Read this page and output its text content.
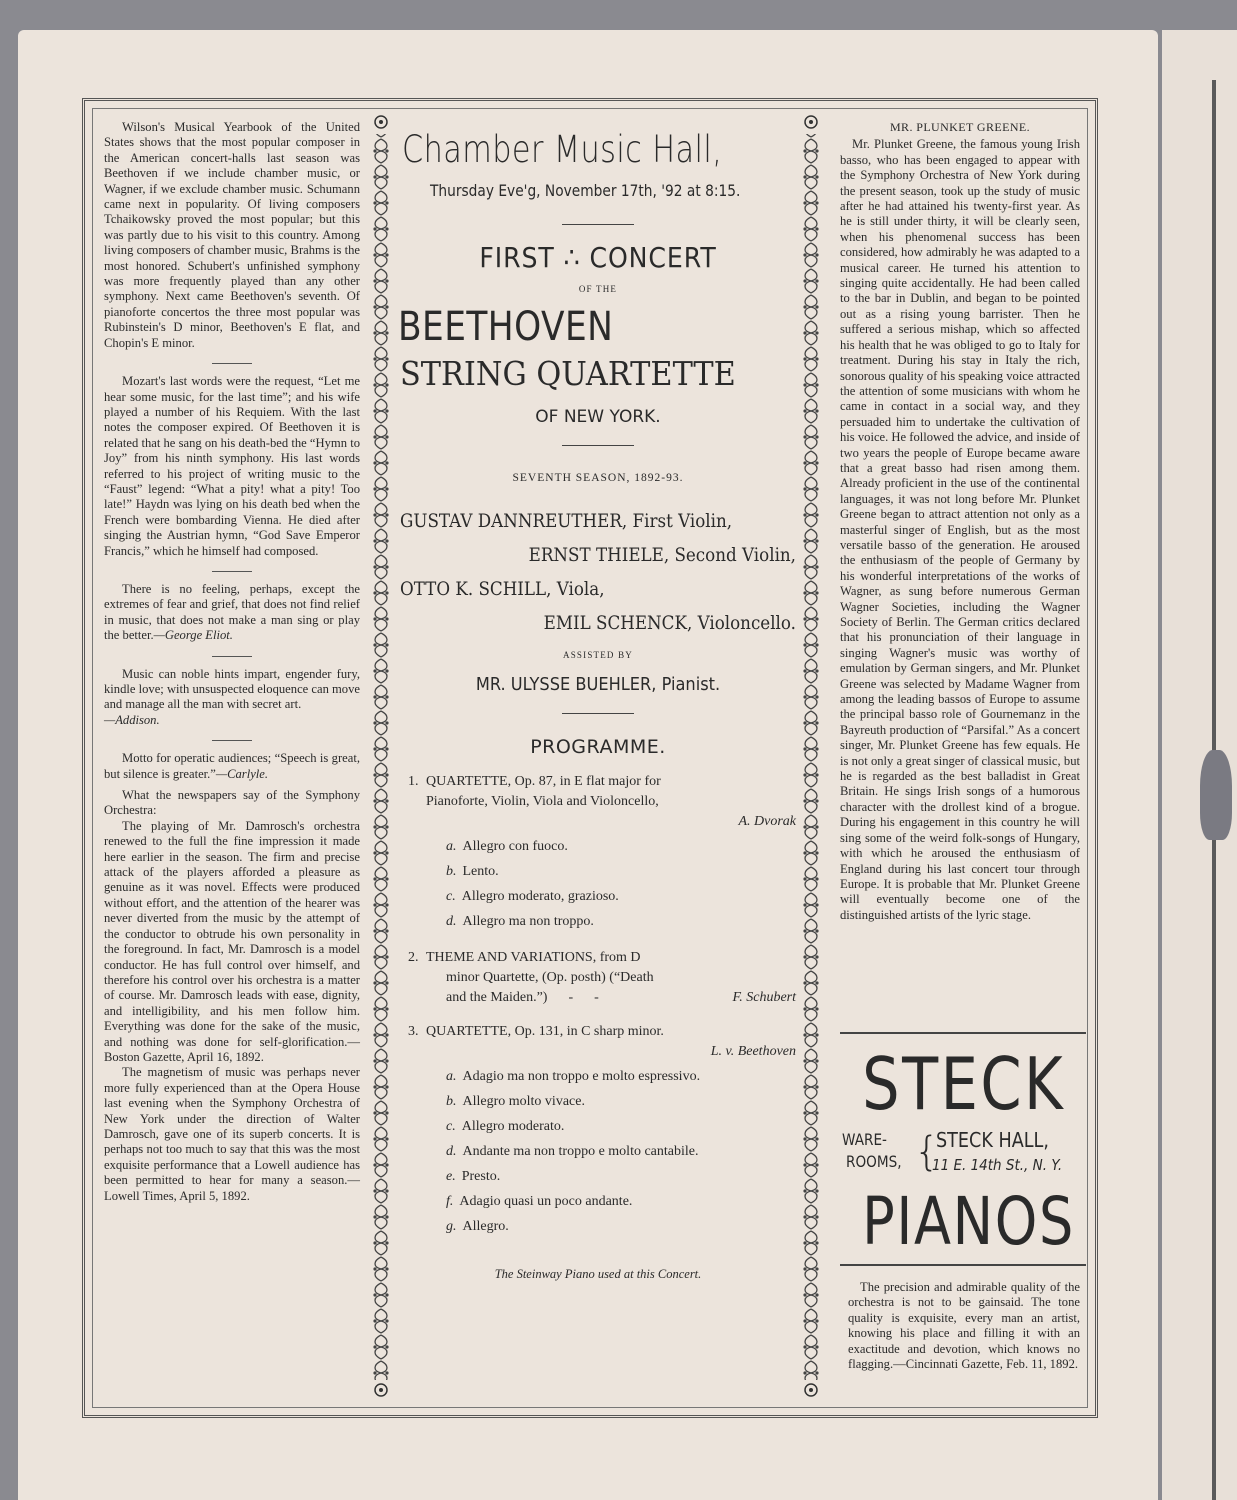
Wilson's Musical Yearbook of the United States shows that the most popular composer in the American concert-halls last season was Beethoven if we include chamber music, or Wagner, if we exclude chamber music. Schumann came next in popularity. Of living composers Tchaikowsky proved the most popular; but this was partly due to his visit to this country. Among living composers of chamber music, Brahms is the most honored. Schubert's unfinished symphony was more frequently played than any other symphony. Next came Beethoven's seventh. Of pianoforte concertos the three most popular was Rubinstein's D minor, Beethoven's E flat, and Chopin's E minor.

Mozart's last words were the request, “Let me hear some music, for the last time”; and his wife played a number of his Requiem. With the last notes the composer expired. Of Beethoven it is related that he sang on his death-bed the “Hymn to Joy” from his ninth symphony. His last words referred to his project of writing music to the “Faust” legend: “What a pity! what a pity! Too late!” Haydn was lying on his death bed when the French were bombarding Vienna. He died after singing the Austrian hymn, “God Save Emperor Francis,” which he himself had composed.

There is no feeling, perhaps, except the extremes of fear and grief, that does not find relief in music, that does not make a man sing or play the better.—George Eliot.

Music can noble hints impart, engender fury, kindle love; with unsuspected eloquence can move and manage all the man with secret art.
—Addison.

Motto for operatic audiences; “Speech is great, but silence is greater.”—Carlyle.

What the newspapers say of the Symphony Orchestra:

The playing of Mr. Damrosch's orchestra renewed to the full the fine impression it made here earlier in the season. The firm and precise attack of the players afforded a pleasure as genuine as it was novel. Effects were produced without effort, and the attention of the hearer was never diverted from the music by the attempt of the conductor to obtrude his own personality in the foreground. In fact, Mr. Damrosch is a model conductor. He has full control over himself, and therefore his control over his orchestra is a matter of course. Mr. Damrosch leads with ease, dignity, and intelligibility, and his men follow him. Everything was done for the sake of the music, and nothing was done for self-glorification.—Boston Gazette, April 16, 1892.

The magnetism of music was perhaps never more fully experienced than at the Opera House last evening when the Symphony Orchestra of New York under the direction of Walter Damrosch, gave one of its superb concerts. It is perhaps not too much to say that this was the most exquisite performance that a Lowell audience has been permitted to hear for many a season.—Lowell Times, April 5, 1892.

Chamber Music Hall,
Thursday Eve'g, November 17th, '92 at 8:15.
FIRST ∴ CONCERT
OF THE
BEETHOVEN
STRING QUARTETTE
OF NEW YORK.
SEVENTH SEASON, 1892-93.
GUSTAV DANNREUTHER, First Violin,
ERNST THIELE, Second Violin,
OTTO K. SCHILL, Viola,
EMIL SCHENCK, Violoncello.
ASSISTED BY
MR. ULYSSE BUEHLER, Pianist.
PROGRAMME.
1. QUARTETTE, Op. 87, in E flat major for
Pianoforte, Violin, Viola and Violoncello,
A. Dvorak
a. Allegro con fuoco.
b. Lento.
c. Allegro moderato, grazioso.
d. Allegro ma non troppo.
2. THEME AND VARIATIONS, from D
minor Quartette, (Op. posth) (“Death
and the Maiden.”)      -      -	F. Schubert
3. QUARTETTE, Op. 131, in C sharp minor.
L. v. Beethoven
a. Adagio ma non troppo e molto espressivo.
b. Allegro molto vivace.
c. Allegro moderato.
d. Andante ma non troppo e molto cantabile.
e. Presto.
f. Adagio quasi un poco andante.
g. Allegro.
The Steinway Piano used at this Concert.
MR. PLUNKET GREENE.

Mr. Plunket Greene, the famous young Irish basso, who has been engaged to appear with the Symphony Orchestra of New York during the present season, took up the study of music after he had attained his twenty-first year. As he is still under thirty, it will be clearly seen, when his phenomenal success has been considered, how admirably he was adapted to a musical career. He turned his attention to singing quite accidentally. He had been called to the bar in Dublin, and began to be pointed out as a rising young barrister. Then he suffered a serious mishap, which so affected his health that he was obliged to go to Italy for treatment. During his stay in Italy the rich, sonorous quality of his speaking voice attracted the attention of some musicians with whom he came in contact in a social way, and they persuaded him to undertake the cultivation of his voice. He followed the advice, and inside of two years the people of Europe became aware that a great basso had risen among them. Already proficient in the use of the continental languages, it was not long before Mr. Plunket Greene began to attract attention not only as a masterful singer of English, but as the most versatile basso of the generation. He aroused the enthusiasm of the people of Germany by his wonderful interpretations of the works of Wagner, as sung before numerous German Wagner Societies, including the Wagner Society of Berlin. The German critics declared that his pronunciation of their language in singing Wagner's music was worthy of emulation by German singers, and Mr. Plunket Greene was selected by Madame Wagner from among the leading bassos of Europe to assume the principal basso role of Gournemanz in the Bayreuth production of “Parsifal.” As a concert singer, Mr. Plunket Greene has few equals. He is not only a great singer of classical music, but he is regarded as the best balladist in Great Britain. He sings Irish songs of a humorous character with the drollest kind of a brogue. During his engagement in this country he will sing some of the weird folk-songs of Hungary, with which he aroused the enthusiasm of England during his last concert tour through Europe. It is probable that Mr. Plunket Greene will eventually become one of the distinguished artists of the lyric stage.

STECK
WARE-
ROOMS, {
STECK HALL,
11 E. 14th St., N. Y.
PIANOS

The precision and admirable quality of the orchestra is not to be gainsaid. The tone quality is exquisite, every man an artist, knowing his place and filling it with an exactitude and devotion, which knows no flagging.—Cincinnati Gazette, Feb. 11, 1892.
